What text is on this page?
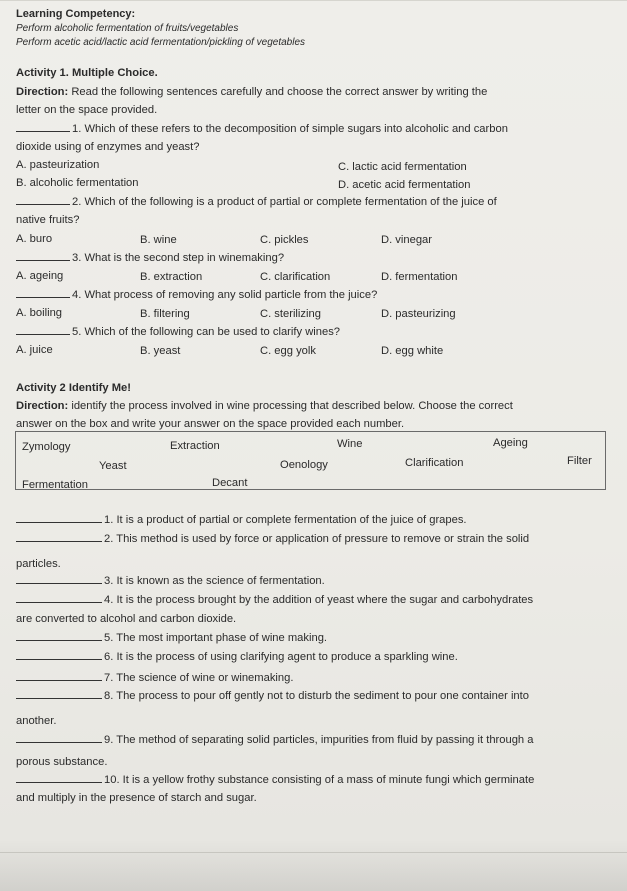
Learning Competency:
Perform alcoholic fermentation of fruits/vegetables
Perform acetic acid/lactic acid fermentation/pickling of vegetables
Activity 1. Multiple Choice.
Direction: Read the following sentences carefully and choose the correct answer by writing the
letter on the space provided.
1. Which of these refers to the decomposition of simple sugars into alcoholic and carbon
dioxide using of enzymes and yeast?
A. pasteurization	C. lactic acid fermentation
B. alcoholic fermentation	D. acetic acid fermentation
2. Which of the following is a product of partial or complete fermentation of the juice of
native fruits?
A. buro	B. wine	C. pickles	D. vinegar
3. What is the second step in winemaking?
A. ageing	B. extraction	C. clarification	D. fermentation
4. What process of removing any solid particle from the juice?
A. boiling	B. filtering	C. sterilizing	D. pasteurizing
5. Which of the following can be used to clarify wines?
A. juice	B. yeast	C. egg yolk	D. egg white
Activity 2 Identify Me!
Direction: identify the process involved in wine processing that described below. Choose the correct
answer on the box and write your answer on the space provided each number.
Zymology	Extraction	Wine	Ageing
Yeast	Oenology	Clarification	Filter
Fermentation	Decant
1. It is a product of partial or complete fermentation of the juice of grapes.
2. This method is used by force or application of pressure to remove or strain the solid
particles.
3. It is known as the science of fermentation.
4. It is the process brought by the addition of yeast where the sugar and carbohydrates
are converted to alcohol and carbon dioxide.
5. The most important phase of wine making.
6. It is the process of using clarifying agent to produce a sparkling wine.
7. The science of wine or winemaking.
8. The process to pour off gently not to disturb the sediment to pour one container into
another.
9. The method of separating solid particles, impurities from fluid by passing it through a
porous substance.
10. It is a yellow frothy substance consisting of a mass of minute fungi which germinate
and multiply in the presence of starch and sugar.
